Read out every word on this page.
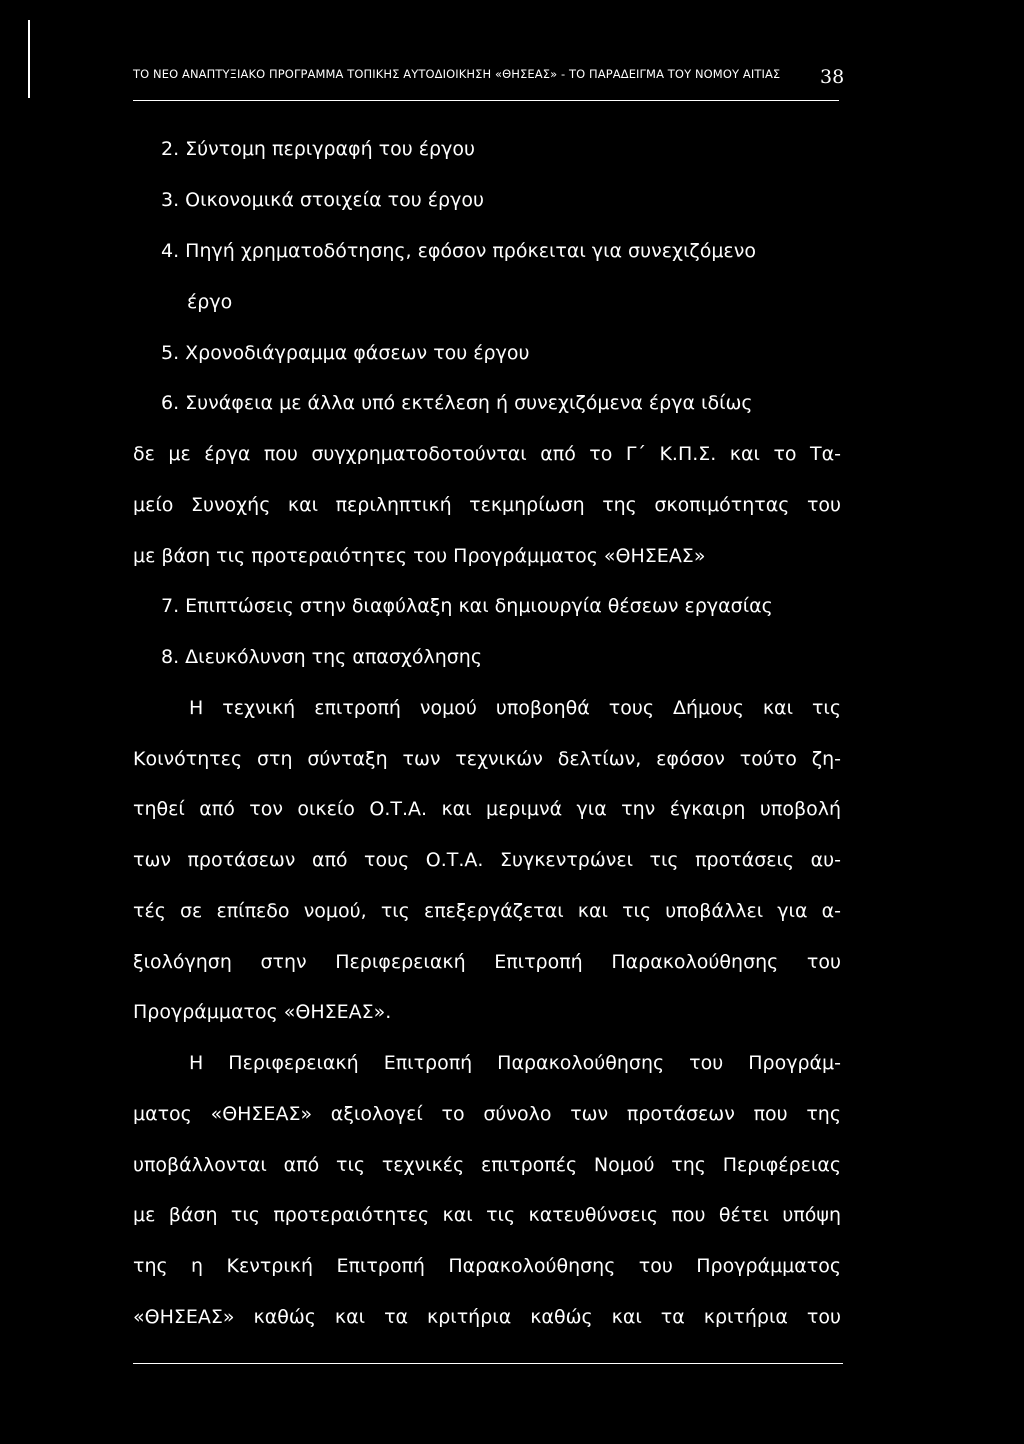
ΤΟ ΝΕΟ ΑΝΑΠΤΥΞΙΑΚΟ ΠΡΟΓΡΑΜΜΑ ΤΟΠΙΚΗΣ ΑΥΤΟΔΙΟΙΚΗΣΗ «ΘΗΣΕΑΣ» - ΤΟ ΠΑΡΑΔΕΙΓΜΑ ΤΟΥ ΝΟΜΟΥ ΑΙΤΙΑΣ	38
2. Σύντομη περιγραφή του έργου
3. Οικονομικά στοιχεία του έργου
4. Πηγή χρηματοδότησης, εφόσον πρόκειται για συνεχιζόμενο
έργο
5. Χρονοδιάγραμμα φάσεων του έργου
6. Συνάφεια με άλλα υπό εκτέλεση ή συνεχιζόμενα έργα ιδίως
δε με έργα που συγχρηματοδοτούνται από το Γ΄ Κ.Π.Σ. και το Τα-
μείο Συνοχής και περιληπτική τεκμηρίωση της σκοπιμότητας του
με βάση τις προτεραιότητες του Προγράμματος «ΘΗΣΕΑΣ»
7. Επιπτώσεις στην διαφύλαξη και δημιουργία θέσεων εργασίας
8. Διευκόλυνση της απασχόλησης
Η τεχνική επιτροπή νομού υποβοηθά τους Δήμους και τις
Κοινότητες στη σύνταξη των τεχνικών δελτίων, εφόσον τούτο ζη-
τηθεί από τον οικείο Ο.Τ.Α. και μεριμνά για την έγκαιρη υποβολή
των προτάσεων από τους Ο.Τ.Α. Συγκεντρώνει τις προτάσεις αυ-
τές σε επίπεδο νομού, τις επεξεργάζεται και τις υποβάλλει για α-
ξιολόγηση στην Περιφερειακή Επιτροπή Παρακολούθησης του
Προγράμματος «ΘΗΣΕΑΣ».
Η Περιφερειακή Επιτροπή Παρακολούθησης του Προγράμ-
ματος «ΘΗΣΕΑΣ» αξιολογεί το σύνολο των προτάσεων που της
υποβάλλονται από τις τεχνικές επιτροπές Νομού της Περιφέρειας
με βάση τις προτεραιότητες και τις κατευθύνσεις που θέτει υπόψη
της η Κεντρική Επιτροπή Παρακολούθησης του Προγράμματος
«ΘΗΣΕΑΣ» καθώς και τα κριτήρια καθώς και τα κριτήρια του
